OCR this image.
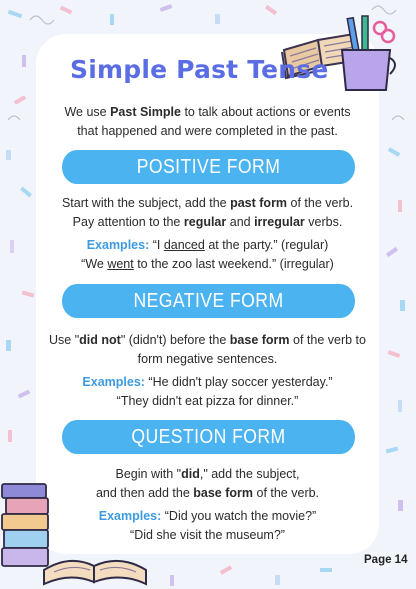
Simple Past Tense

We use Past Simple to talk about actions or events
that happened and were completed in the past.

POSITIVE FORM

Start with the subject, add the past form of the verb.
Pay attention to the regular and irregular verbs.

Examples: “I danced at the party.” (regular)
“We went to the zoo last weekend.” (irregular)

NEGATIVE FORM

Use "did not" (didn't) before the base form of the verb to
form negative sentences.

Examples: “He didn't play soccer yesterday.”
“They didn't eat pizza for dinner.”

QUESTION FORM

Begin with "did," add the subject,
and then add the base form of the verb.

Examples: “Did you watch the movie?”
“Did she visit the museum?”

Page 14
